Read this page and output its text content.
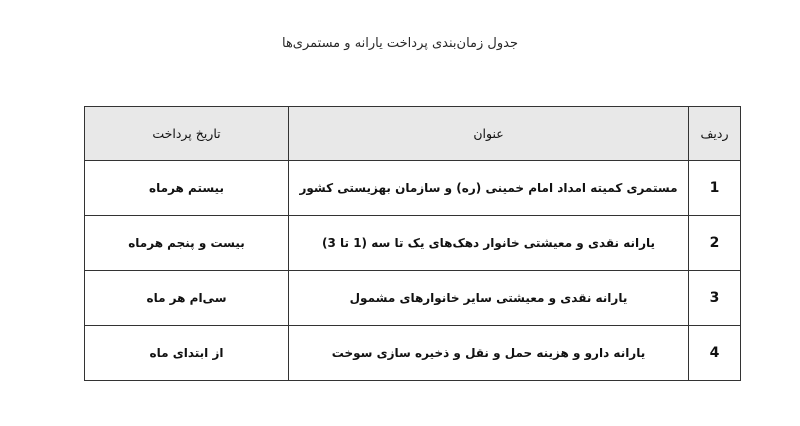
جدول زمان‌بندی پرداخت یارانه و مستمری‌ها
ردیف	عنوان	تاریخ پرداخت
1	مستمری کمیته امداد امام خمینی (ره) و سازمان بهزیستی کشور	بیستم هرماه
2	یارانه نقدی و معیشتی خانوار دهک‌های یک تا سه (1 تا 3)	بیست و پنجم هرماه
3	یارانه نقدی و معیشتی سایر خانوارهای مشمول	سی‌ام هر ماه
4	یارانه دارو و هزینه حمل و نقل و ذخیره سازی سوخت	از ابتدای ماه
